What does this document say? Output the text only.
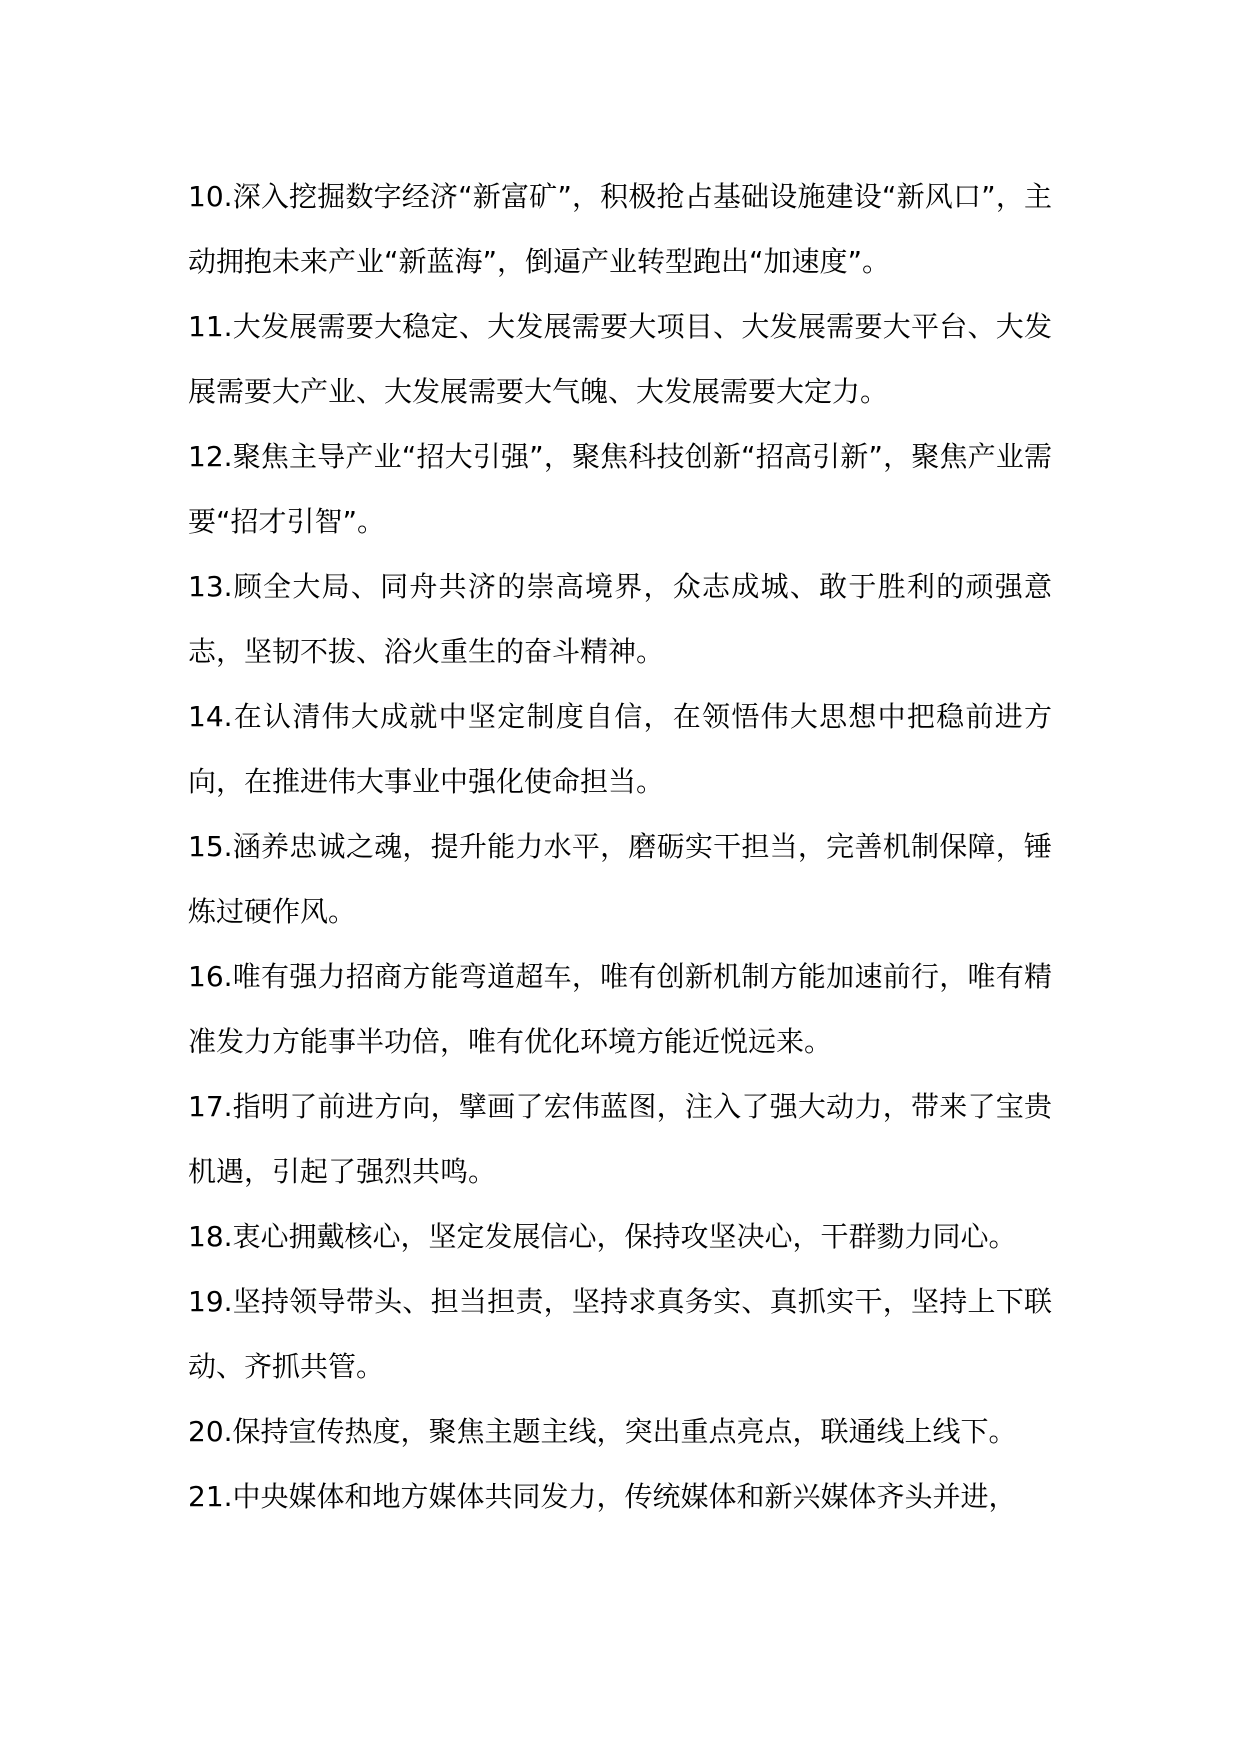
10.深入挖掘数字经济“新富矿”，积极抢占基础设施建设“新风口”，主动拥抱未来产业“新蓝海”，倒逼产业转型跑出“加速度”。

11.大发展需要大稳定、大发展需要大项目、大发展需要大平台、大发展需要大产业、大发展需要大气魄、大发展需要大定力。

12.聚焦主导产业“招大引强”，聚焦科技创新“招高引新”，聚焦产业需要“招才引智”。

13.顾全大局、同舟共济的崇高境界，众志成城、敢于胜利的顽强意志，坚韧不拔、浴火重生的奋斗精神。

14.在认清伟大成就中坚定制度自信，在领悟伟大思想中把稳前进方向，在推进伟大事业中强化使命担当。

15.涵养忠诚之魂，提升能力水平，磨砺实干担当，完善机制保障，锤炼过硬作风。

16.唯有强力招商方能弯道超车，唯有创新机制方能加速前行，唯有精准发力方能事半功倍，唯有优化环境方能近悦远来。

17.指明了前进方向，擘画了宏伟蓝图，注入了强大动力，带来了宝贵机遇，引起了强烈共鸣。

18.衷心拥戴核心，坚定发展信心，保持攻坚决心，干群勠力同心。

19.坚持领导带头、担当担责，坚持求真务实、真抓实干，坚持上下联动、齐抓共管。

20.保持宣传热度，聚焦主题主线，突出重点亮点，联通线上线下。

21.中央媒体和地方媒体共同发力，传统媒体和新兴媒体齐头并进，
